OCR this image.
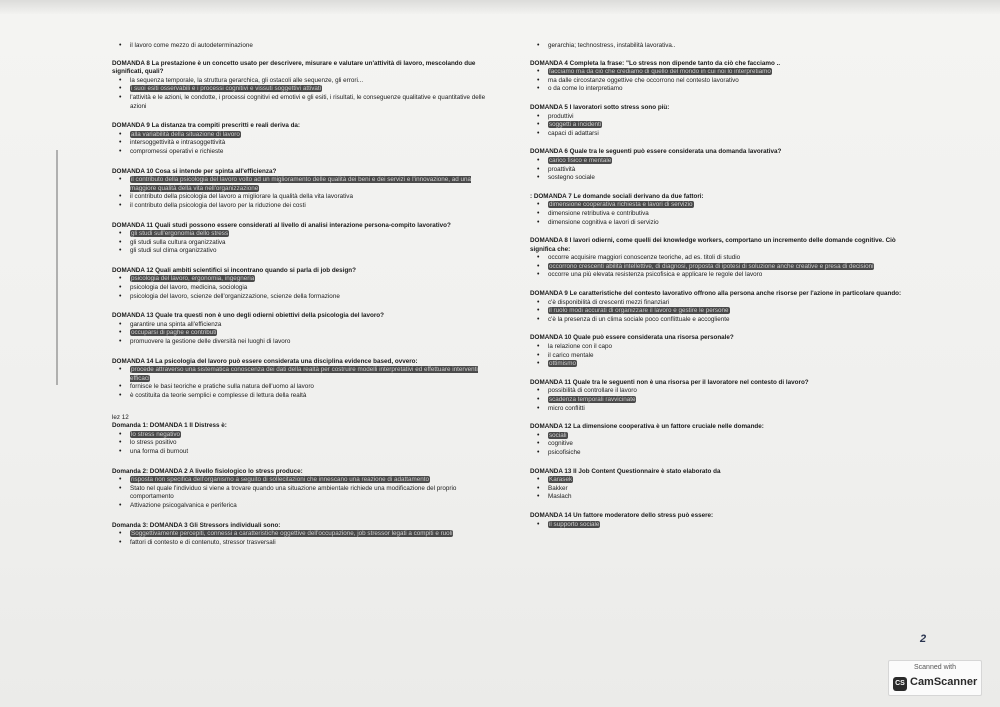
• il lavoro come mezzo di autodeterminazione
DOMANDA 8 La prestazione è un concetto usato per descrivere, misurare e valutare un'attività di lavoro, mescolando due significati, quali?
• la sequenza temporale, la struttura gerarchica, gli ostacoli alle sequenze, gli errori...
• i suoi esiti osservabili e i processi cognitivi e vissuti soggettivi attivati
• l'attività e le azioni, le condotte, i processi cognitivi ed emotivi e gli esiti, i risultati, le conseguenze qualitative e quantitative delle azioni
DOMANDA 9 La distanza tra compiti prescritti e reali deriva da:
• alla variabilità della situazione di lavoro
• intersoggettività e intrasoggettività
• compromessi operativi e richieste
DOMANDA 10 Cosa si intende per spinta all'efficienza?
• il contributo della psicologia del lavoro volto ad un miglioramento delle qualità dei beni e dei servizi e l'innovazione, ad una maggiore qualità della vita nell'organizzazione
• il contributo della psicologia del lavoro a migliorare la qualità della vita lavorativa
• il contributo della psicologia del lavoro per la riduzione dei costi
DOMANDA 11 Quali studi possono essere considerati al livello di analisi interazione persona-compito lavorativo?
• gli studi sull'ergonomia dello stress
• gli studi sulla cultura organizzativa
• gli studi sul clima organizzativo
DOMANDA 12 Quali ambiti scientifici si incontrano quando si parla di job design?
• psicologia del lavoro, ergonomia, ingegneria
• psicologia del lavoro, medicina, sociologia
• psicologia del lavoro, scienze dell'organizzazione, scienze della formazione
DOMANDA 13 Quale tra questi non è uno degli odierni obiettivi della psicologia del lavoro?
• garantire una spinta all'efficienza
• occuparsi di paghe e contributi
• promuovere la gestione delle diversità nei luoghi di lavoro
DOMANDA 14 La psicologia del lavoro può essere considerata una disciplina evidence based, ovvero:
• procede attraverso una sistematica conoscenza dei dati della realtà per costruire modelli interpretativi ed effettuare interventi efficaci
• fornisce le basi teoriche e pratiche sulla natura dell'uomo al lavoro
• è costituita da teorie semplici e complesse di lettura della realtà
lez 12
Domanda 1: DOMANDA 1 Il Distress è:
• lo stress negativo
• lo stress positivo
• una forma di burnout
Domanda 2: DOMANDA 2 A livello fisiologico lo stress produce:
• risposta non specifica dell'organismo a seguito di sollecitazioni che innescano una reazione di adattamento
• Stato nel quale l'individuo si viene a trovare quando una situazione ambientale richiede una modificazione del proprio comportamento
• Attivazione psicogalvanica e periferica
Domanda 3: DOMANDA 3 Gli Stressors individuali sono:
• Soggettivamente percepiti, connessi a caratteristiche oggettive dell'occupazione, job stressor legati a compiti e ruoli
• fattori di contesto e di contenuto, stressor trasversali
• gerarchia; technostress, instabilità lavorativa..
DOMANDA 4 Completa la frase: "Lo stress non dipende tanto da ciò che facciamo ..
• facciamo ma da ciò che crediamo di quello del mondo in cui noi lo interpretiamo
• ma dalle circostanze oggettive che occorrono nel contesto lavorativo
• o da come lo interpretiamo
DOMANDA 5 I lavoratori sotto stress sono più:
• produttivi
• soggetti a incidenti
• capaci di adattarsi
DOMANDA 6 Quale tra le seguenti può essere considerata una domanda lavorativa?
• carico fisico e mentale
• proattività
• sostegno sociale
: DOMANDA 7 Le domande sociali derivano da due fattori:
• dimensione cooperativa richiesta e lavori di servizio
• dimensione retributiva e contributiva
• dimensione cognitiva e lavori di servizio
DOMANDA 8 I lavori odierni, come quelli dei knowledge workers, comportano un incremento delle domande cognitive. Ciò significa che:
• occorre acquisire maggiori conoscenze teoriche, ad es. titoli di studio
• occorrono crescenti abilità intellettive, di diagnosi, proposta di ipotesi di soluzione anche creative e presa di decisioni
• occorre una più elevata resistenza psicofisica e applicare le regole del lavoro
DOMANDA 9 Le caratteristiche del contesto lavorativo offrono alla persona anche risorse per l'azione in particolare quando:
• c'è disponibilità di crescenti mezzi finanziari
• il ruolo modi accurati di organizzare il lavoro e gestire le persone
• c'è la presenza di un clima sociale poco conflittuale e accogliente
DOMANDA 10 Quale può essere considerata una risorsa personale?
• la relazione con il capo
• il carico mentale
• ottimismo
DOMANDA 11 Quale tra le seguenti non è una risorsa per il lavoratore nel contesto di lavoro?
• possibilità di controllare il lavoro
• scadenza temporali ravvicinate
• micro conflitti
DOMANDA 12 La dimensione cooperativa è un fattore cruciale nelle domande:
• sociali
• cognitive
• psicofisiche
DOMANDA 13 Il Job Content Questionnaire è stato elaborato da
• Karasek
• Bakker
• Maslach
DOMANDA 14 Un fattore moderatore dello stress può essere:
• il supporto sociale
2
Scanned with
CS CamScanner
